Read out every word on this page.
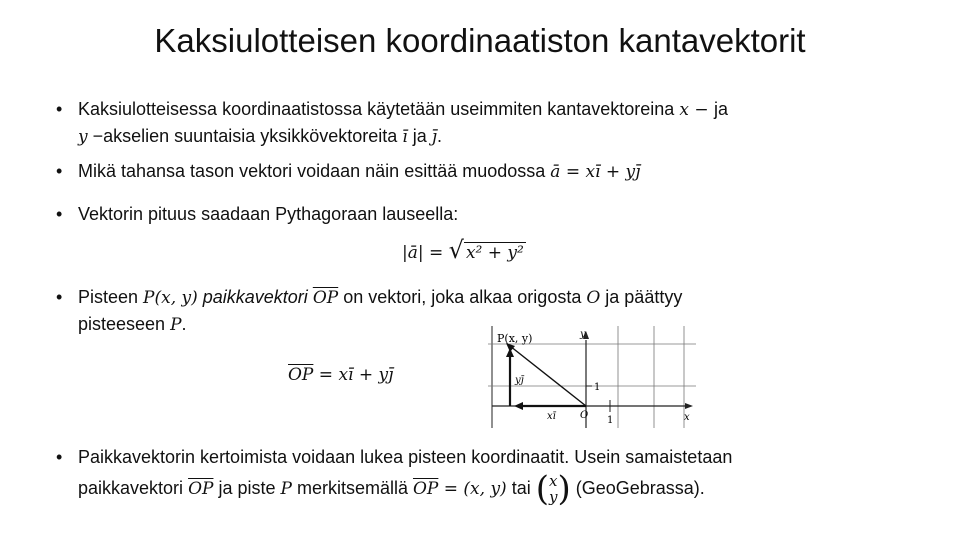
Kaksiulotteisen koordinaatiston kantavektorit
• Kaksiulotteisessa koordinaatistossa käytetään useimmiten kantavektoreina x − ja
y −akselien suuntaisia yksikkövektoreita ī ja j̄.
• Mikä tahansa tason vektori voidaan näin esittää muodossa ā = xī + yj̄
• Vektorin pituus saadaan Pythagoraan lauseella:
|ā| = √ x² + y²
• Pisteen P(x, y) paikkavektori $\overline{OP}$ on vektori, joka alkaa origosta O ja päättyy
pisteeseen P.
$\overline{OP}$ = xī + yj̄
P(x, y)	y
x
yj̄
xī O
1
1
• Paikkavektorin kertoimista voidaan lukea pisteen koordinaatit. Usein samaistetaan
paikkavektori $\overline{OP}$ ja piste P merkitsemällä $\overline{OP} = (x$, y) tai ( x
y ) (GeoGebrassa).
